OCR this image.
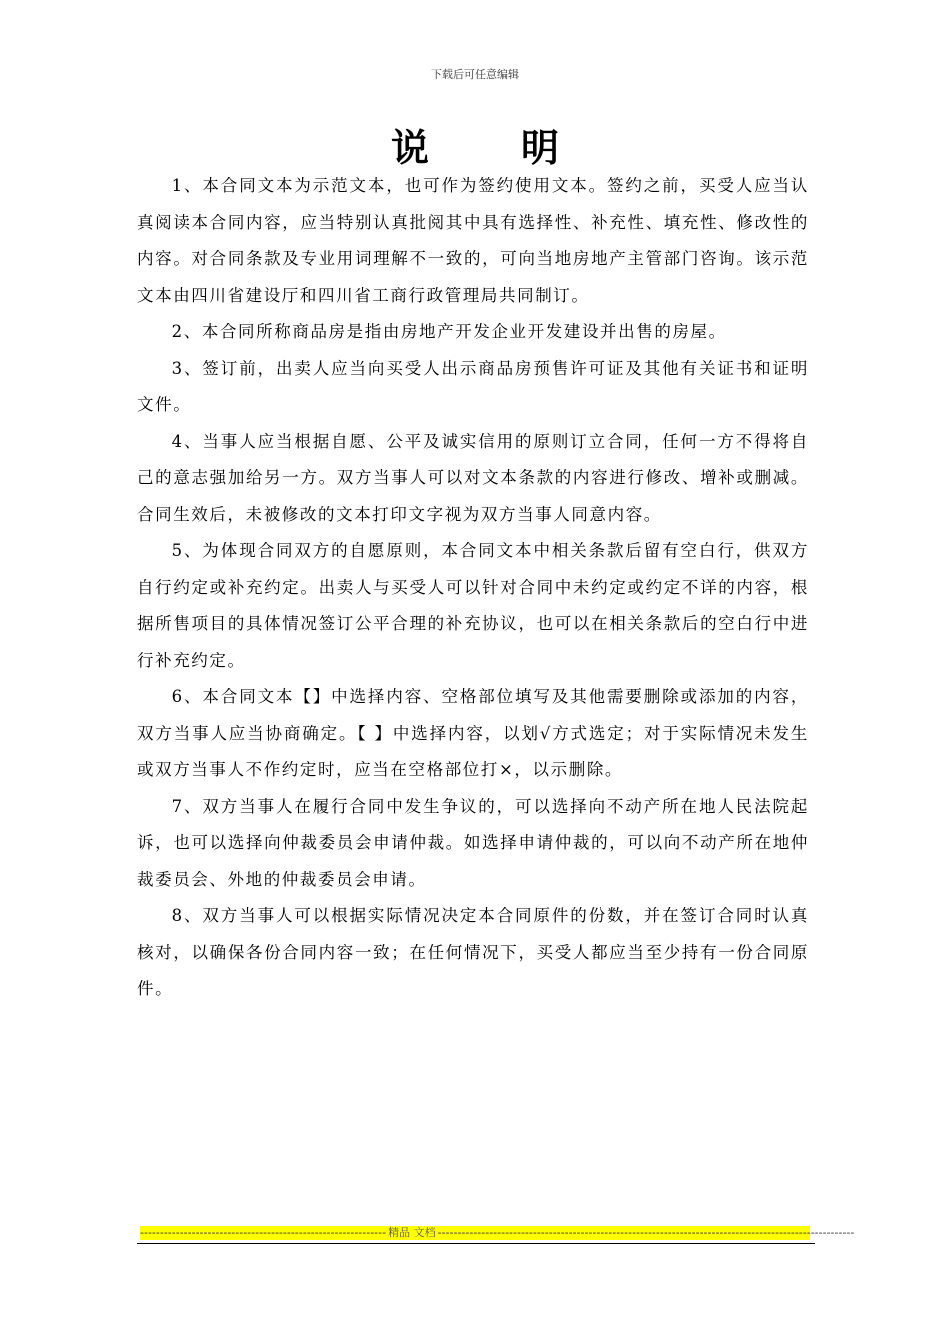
下载后可任意编辑
说明

1、本合同文本为示范文本，也可作为签约使用文本。签约之前，买受人应当认真阅读本合同内容，应当特别认真批阅其中具有选择性、补充性、填充性、修改性的内容。对合同条款及专业用词理解不一致的，可向当地房地产主管部门咨询。该示范文本由四川省建设厅和四川省工商行政管理局共同制订。

2、本合同所称商品房是指由房地产开发企业开发建设并出售的房屋。

3、签订前，出卖人应当向买受人出示商品房预售许可证及其他有关证书和证明文件。

4、当事人应当根据自愿、公平及诚实信用的原则订立合同，任何一方不得将自己的意志强加给另一方。双方当事人可以对文本条款的内容进行修改、增补或删减。合同生效后，未被修改的文本打印文字视为双方当事人同意内容。

5、为体现合同双方的自愿原则，本合同文本中相关条款后留有空白行，供双方自行约定或补充约定。出卖人与买受人可以针对合同中未约定或约定不详的内容，根据所售项目的具体情况签订公平合理的补充协议，也可以在相关条款后的空白行中进行补充约定。

6、本合同文本【】中选择内容、空格部位填写及其他需要删除或添加的内容，双方当事人应当协商确定。【 】中选择内容，以划√方式选定；对于实际情况未发生或双方当事人不作约定时，应当在空格部位打×，以示删除。

7、双方当事人在履行合同中发生争议的，可以选择向不动产所在地人民法院起诉，也可以选择向仲裁委员会申请仲裁。如选择申请仲裁的，可以向不动产所在地仲裁委员会、外地的仲裁委员会申请。

8、双方当事人可以根据实际情况决定本合同原件的份数，并在签订合同时认真核对，以确保各份合同内容一致；在任何情况下，买受人都应当至少持有一份合同原件。

-------------------------------------------------------------- 精品 文档 ---------------------------------------------------------------------------------------------------------
